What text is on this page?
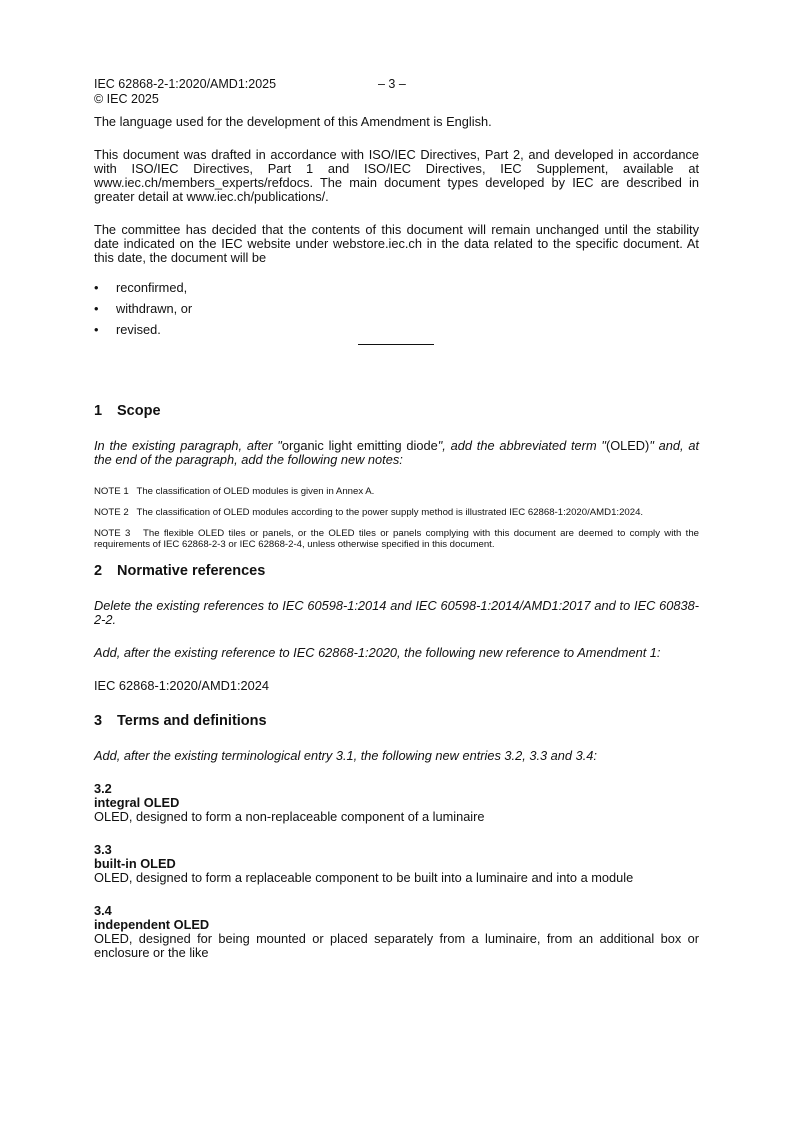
IEC 62868-2-1:2020/AMD1:2025	– 3 –
© IEC 2025

The language used for the development of this Amendment is English.

This document was drafted in accordance with ISO/IEC Directives, Part 2, and developed in accordance with ISO/IEC Directives, Part 1 and ISO/IEC Directives, IEC Supplement, available at www.iec.ch/members_experts/refdocs. The main document types developed by IEC are described in greater detail at www.iec.ch/publications/.

The committee has decided that the contents of this document will remain unchanged until the stability date indicated on the IEC website under webstore.iec.ch in the data related to the specific document. At this date, the document will be

• reconfirmed,
• withdrawn, or
• revised.
1 Scope

In the existing paragraph, after "organic light emitting diode", add the abbreviated term "(OLED)" and, at the end of the paragraph, add the following new notes:

NOTE 1 The classification of OLED modules is given in Annex A.

NOTE 2 The classification of OLED modules according to the power supply method is illustrated IEC 62868-1:2020/AMD1:2024.

NOTE 3 The flexible OLED tiles or panels, or the OLED tiles or panels complying with this document are deemed to comply with the requirements of IEC 62868-2-3 or IEC 62868-2-4, unless otherwise specified in this document.

2 Normative references

Delete the existing references to IEC 60598-1:2014 and IEC 60598-1:2014/AMD1:2017 and to IEC 60838-2-2.

Add, after the existing reference to IEC 62868-1:2020, the following new reference to Amendment 1:

IEC 62868-1:2020/AMD1:2024

3 Terms and definitions

Add, after the existing terminological entry 3.1, the following new entries 3.2, 3.3 and 3.4:

3.2

integral OLED

OLED, designed to form a non-replaceable component of a luminaire

3.3

built-in OLED

OLED, designed to form a replaceable component to be built into a luminaire and into a module

3.4

independent OLED

OLED, designed for being mounted or placed separately from a luminaire, from an additional box or enclosure or the like
